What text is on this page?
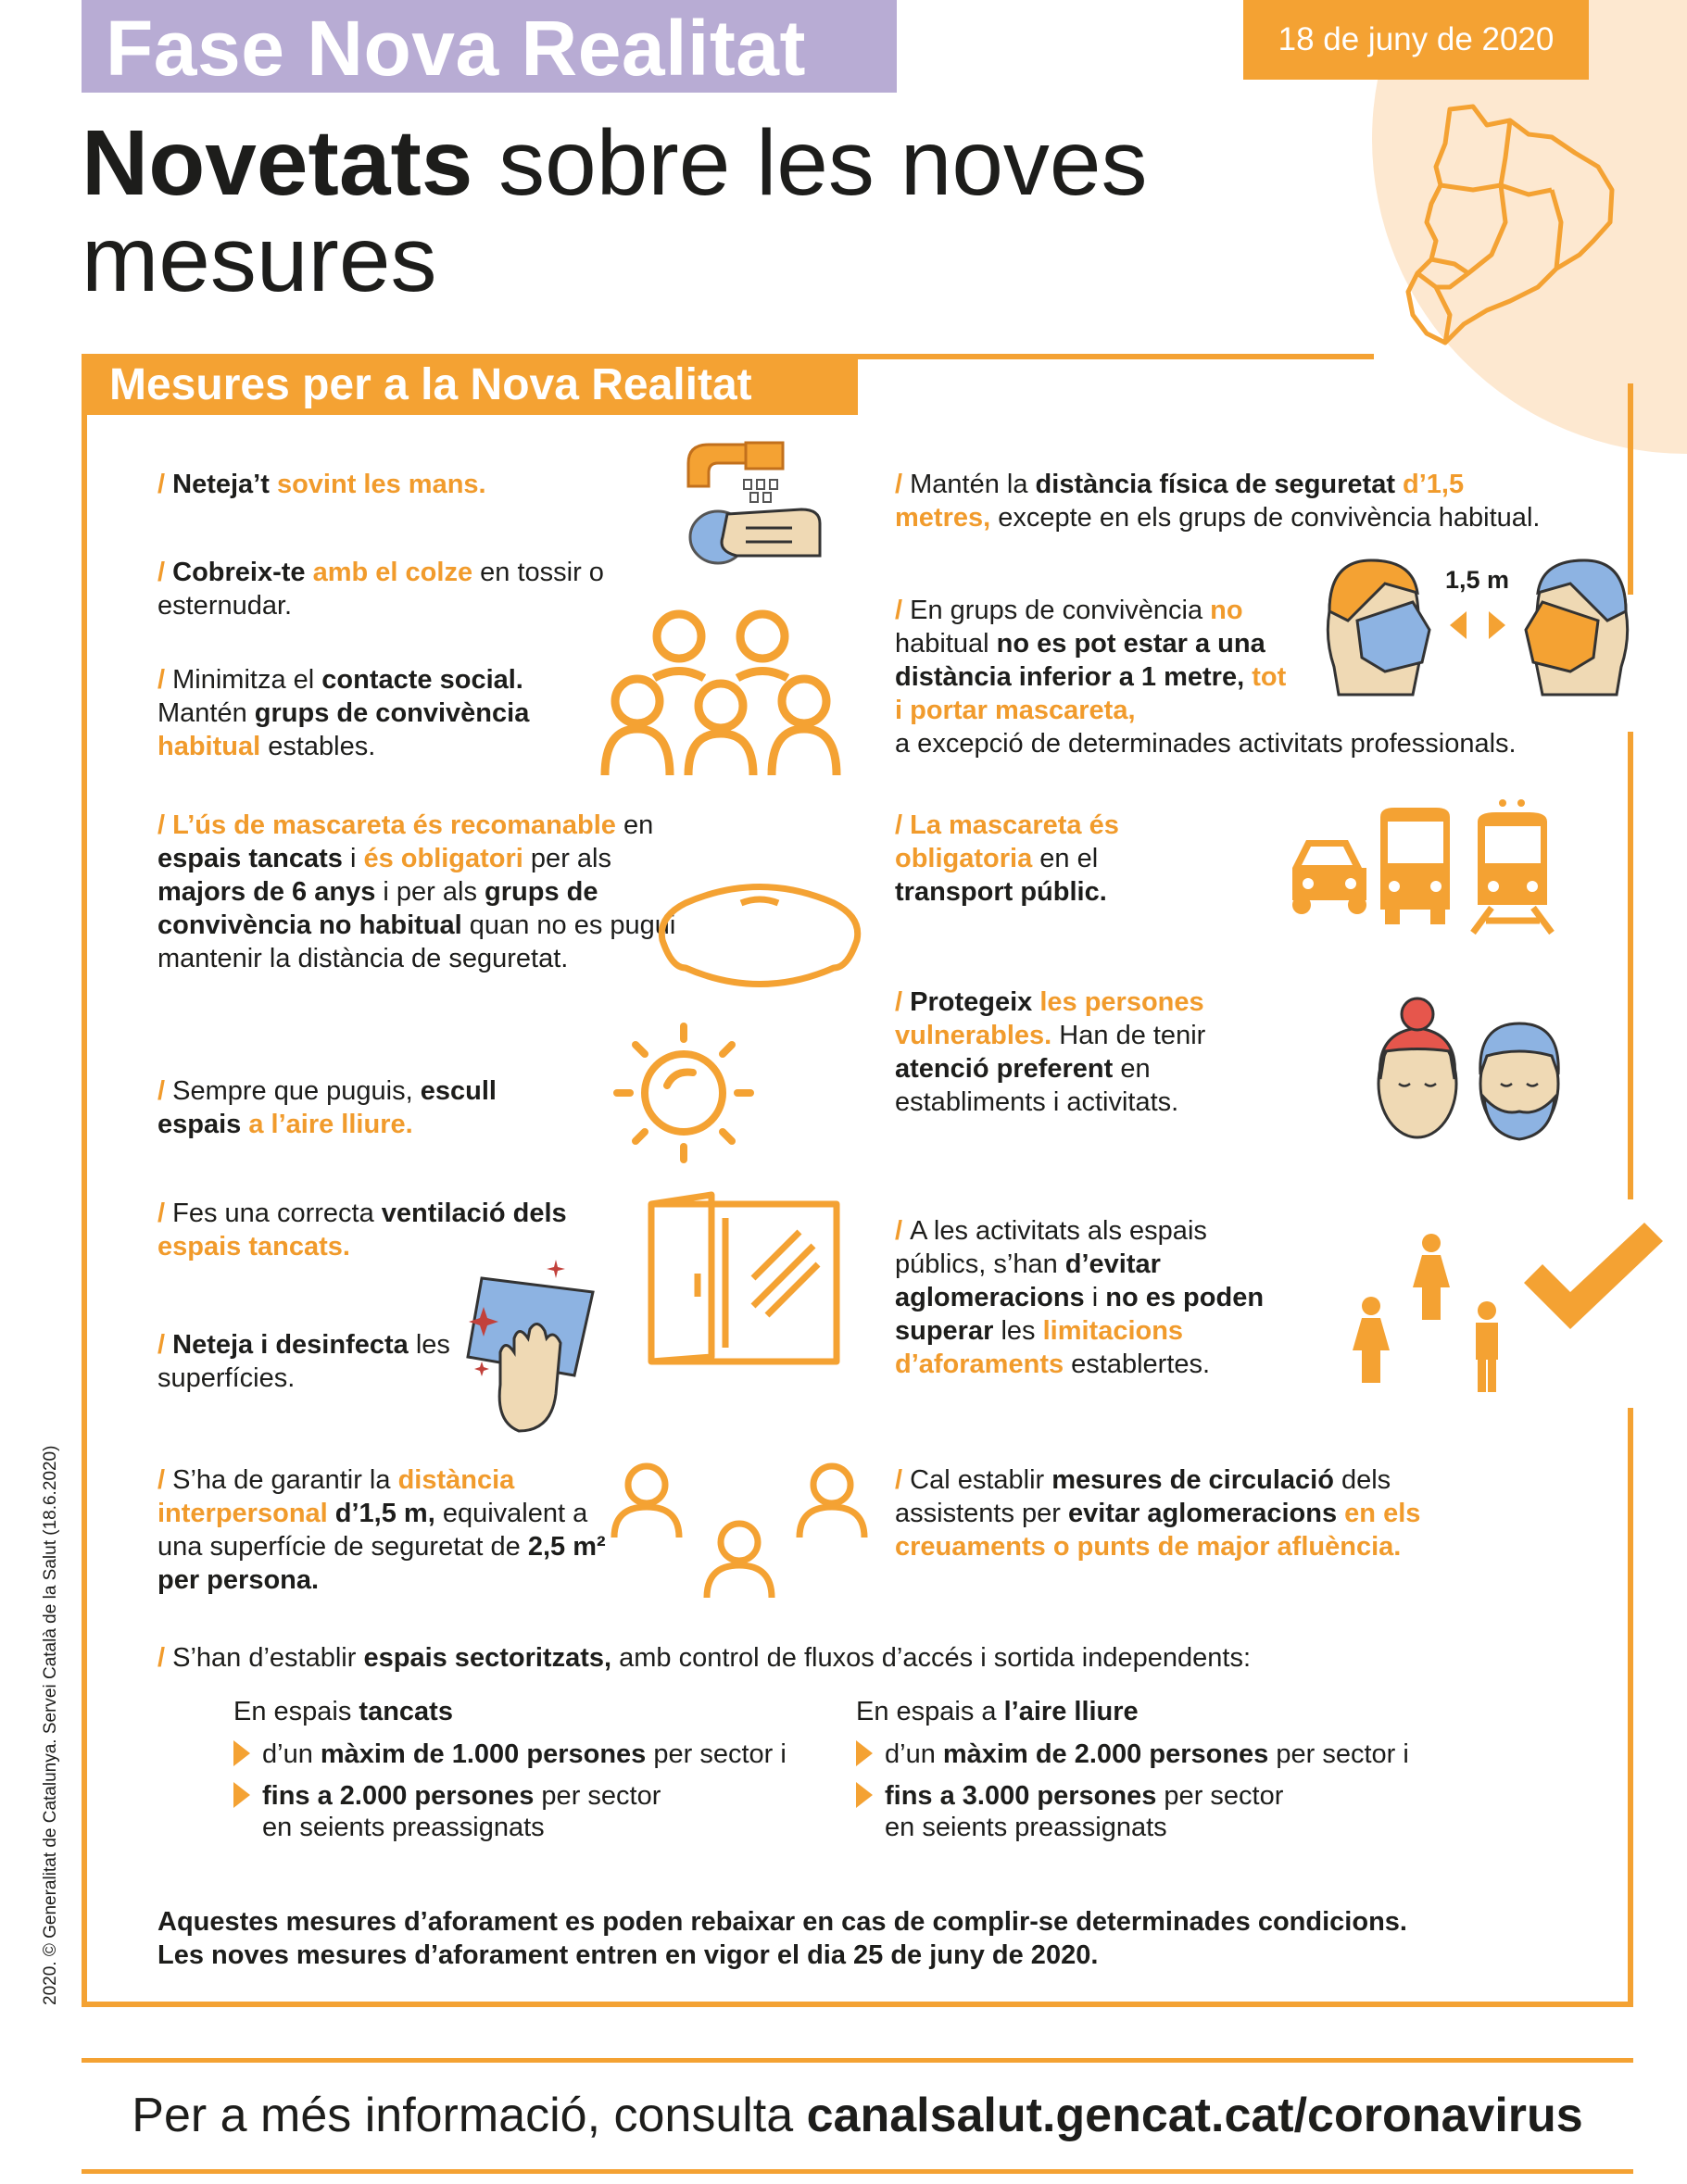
Fase Nova Realitat	18 de juny de 2020
Novetats sobre les noves mesures
Mesures per a la Nova Realitat
/ Neteja’t sovint les mans.
/ Cobreix-te amb el colze en tossir o esternudar.
/ Minimitza el contacte social. Mantén grups de convivència habitual estables.
/ L’ús de mascareta és recomanable en espais tancats i és obligatori per als majors de 6 anys i per als grups de convivència no habitual quan no es pugui mantenir la distància de seguretat.
/ Sempre que puguis, escull espais a l’aire lliure.
/ Fes una correcta ventilació dels espais tancats.
/ Neteja i desinfecta les superfícies.
/ S’ha de garantir la distància interpersonal d’1,5 m, equivalent a una superfície de seguretat de 2,5 m² per persona.
/ Mantén la distància física de seguretat d’1,5 metres, excepte en els grups de convivència habitual.
/ En grups de convivència no habitual no es pot estar a una distància inferior a 1 metre, tot i portar mascareta,
a excepció de determinades activitats professionals.
1,5 m
/ La mascareta és obligatoria en el transport públic.
/ Protegeix les persones vulnerables. Han de tenir atenció preferent en establiments i activitats.
/ A les activitats als espais públics, s’han d’evitar aglomeracions i no es poden superar les limitacions d’aforaments establertes.
/ Cal establir mesures de circulació dels assistents per evitar aglomeracions en els creuaments o punts de major afluència.
/ S’han d’establir espais sectoritzats, amb control de fluxos d’accés i sortida independents:
En espais tancats
d’un màxim de 1.000 persones per sector i
fins a 2.000 persones per sector
en seients preassignats
En espais a l’aire lliure
d’un màxim de 2.000 persones per sector i
fins a 3.000 persones per sector
en seients preassignats
Aquestes mesures d’aforament es poden rebaixar en cas de complir-se determinades condicions.
Les noves mesures d’aforament entren en vigor el dia 25 de juny de 2020.
Per a més informació, consulta canalsalut.gencat.cat/coronavirus
2020. © Generalitat de Catalunya. Servei Català de la Salut (18.6.2020)
